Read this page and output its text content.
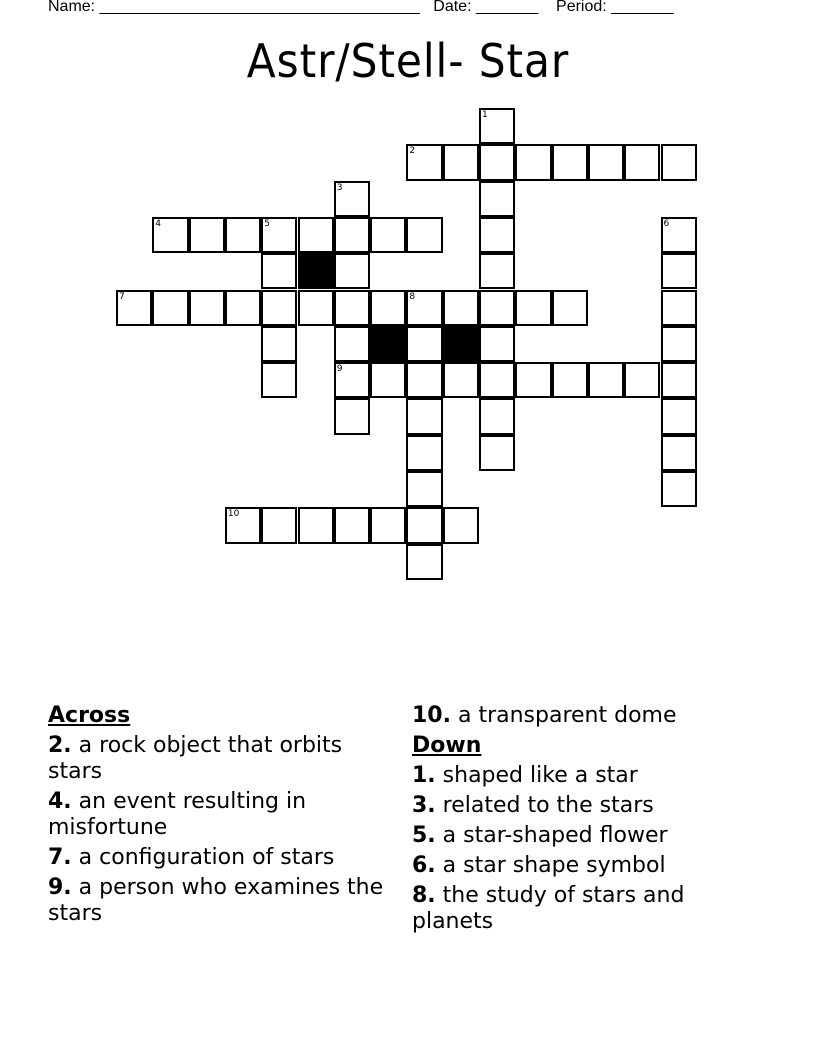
Name: ____________________________________ Date: _______ Period: _______
Astr/Stell- Star
1
2
3
4	5	6
7	8
9
10
Across
2. a rock object that orbits stars
4. an event resulting in misfortune
7. a configuration of stars
9. a person who examines the stars
10. a transparent dome
Down
1. shaped like a star
3. related to the stars
5. a star-shaped flower
6. a star shape symbol
8. the study of stars and planets
